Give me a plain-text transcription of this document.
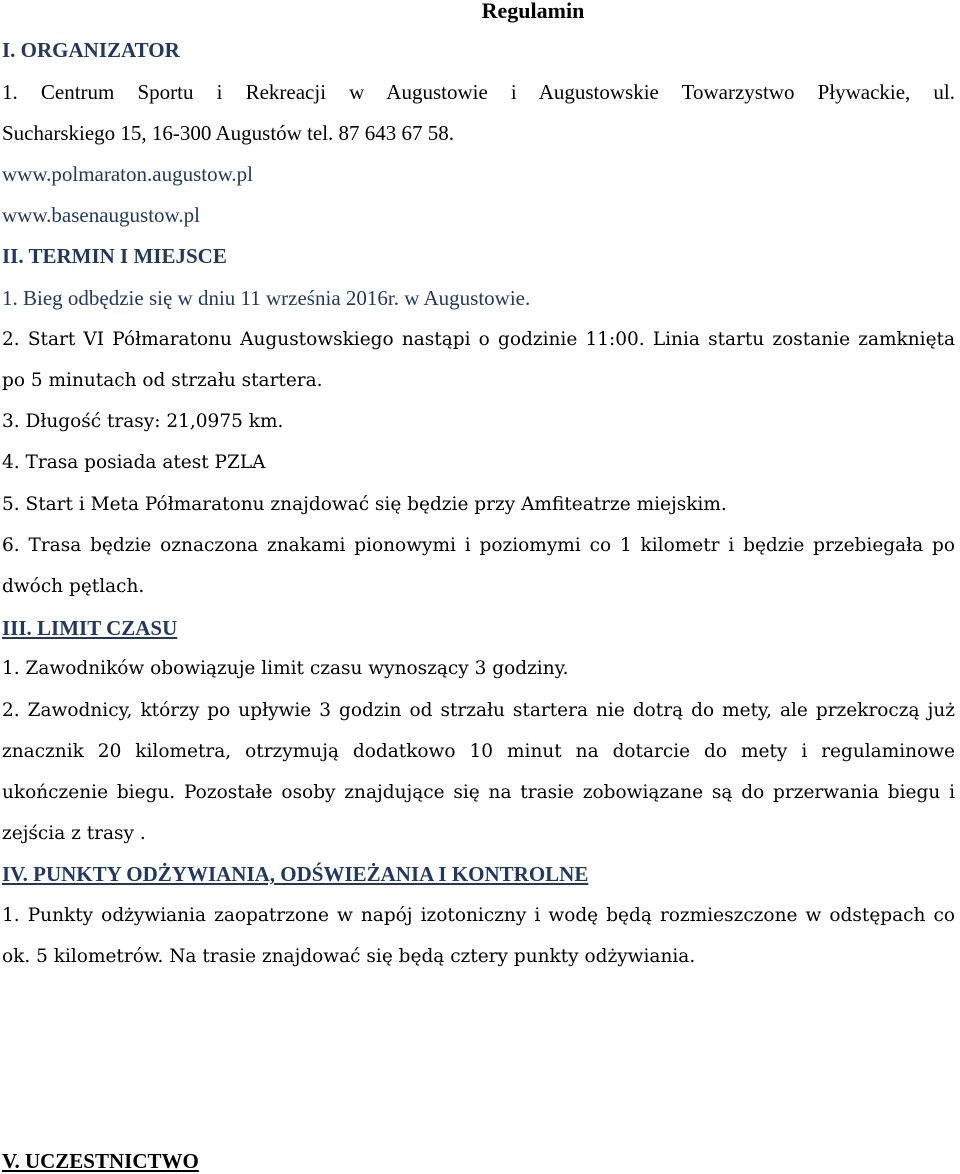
Regulamin
I. ORGANIZATOR
1. Centrum Sportu i Rekreacji w Augustowie i Augustowskie Towarzystwo Pływackie, ul.
Sucharskiego 15, 16-300 Augustów tel. 87 643 67 58.
www.polmaraton.augustow.pl
www.basenaugustow.pl
II. TERMIN I MIEJSCE
1. Bieg odbędzie się w dniu 11 września 2016r. w Augustowie.
2. Start VI Półmaratonu Augustowskiego nastąpi o godzinie 11:00. Linia startu zostanie zamknięta
po 5 minutach od strzału startera.
3. Długość trasy: 21,0975 km.
4. Trasa posiada atest PZLA
5. Start i Meta Półmaratonu znajdować się będzie przy Amfiteatrze miejskim.
6. Trasa będzie oznaczona znakami pionowymi i poziomymi co 1 kilometr i będzie przebiegała po
dwóch pętlach.
III. LIMIT CZASU
1. Zawodników obowiązuje limit czasu wynoszący 3 godziny.
2. Zawodnicy, którzy po upływie 3 godzin od strzału startera nie dotrą do mety, ale przekroczą już
znacznik 20 kilometra, otrzymują dodatkowo 10 minut na dotarcie do mety i regulaminowe
ukończenie biegu. Pozostałe osoby znajdujące się na trasie zobowiązane są do przerwania biegu i
zejścia z trasy .
IV. PUNKTY ODŻYWIANIA, ODŚWIEŻANIA I KONTROLNE
1. Punkty odżywiania zaopatrzone w napój izotoniczny i wodę będą rozmieszczone w odstępach co
ok. 5 kilometrów. Na trasie znajdować się będą cztery punkty odżywiania.
V. UCZESTNICTWO
